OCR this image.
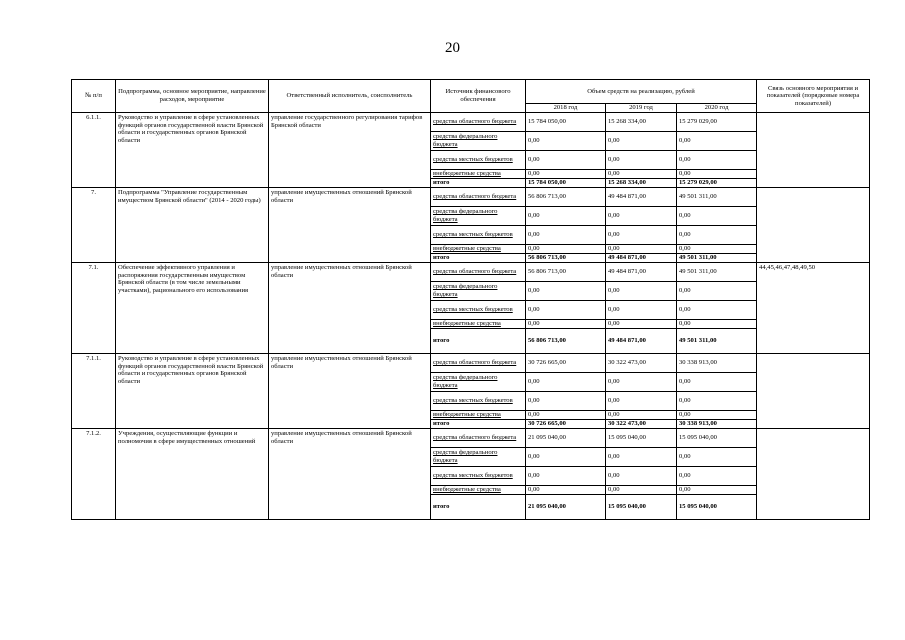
20
№ п/п	Подпрограмма, основное мероприятие, направление расходов, мероприятие	Ответственный исполнитель, соисполнитель	Источник финансового обеспечения	Объем средств на реализацию, рублей			Связь основного мероприятия и показателей (порядковые номера показателей)
				2018 год	2019 год	2020 год	
6.1.1.	Руководство и управление в сфере установленных функций органов государственной власти Брянской области и государственных органов Брянской области	управление государственного регулирования тарифов Брянской области	средства областного бюджета	15 784 050,00	15 268 334,00	15 279 029,00	
			средства федерального бюджета	0,00	0,00	0,00	
			средства местных бюджетов	0,00	0,00	0,00	
			внебюджетные средства	0,00	0,00	0,00	
			итого	15 784 050,00	15 268 334,00	15 279 029,00	
7.	Подпрограмма "Управление государственным имуществом Брянской области" (2014 - 2020 годы)	управление имущественных отношений Брянской области	средства областного бюджета	56 806 713,00	49 484 871,00	49 501 311,00	
			средства федерального бюджета	0,00	0,00	0,00	
			средства местных бюджетов	0,00	0,00	0,00	
			внебюджетные средства	0,00	0,00	0,00	
			итого	56 806 713,00	49 484 871,00	49 501 311,00	
7.1.	Обеспечение эффективного управления и распоряжения государственным имуществом Брянской области (в том числе земельными участками), рационального его использования	управление имущественных отношений Брянской области	средства областного бюджета	56 806 713,00	49 484 871,00	49 501 311,00	44,45,46,47,48,49,50
			средства федерального бюджета	0,00	0,00	0,00	
			средства местных бюджетов	0,00	0,00	0,00	
			внебюджетные средства	0,00	0,00	0,00	
			итого	56 806 713,00	49 484 871,00	49 501 311,00	
7.1.1.	Руководство и управление в сфере установленных функций органов государственной власти Брянской области и государственных органов Брянской области	управление имущественных отношений Брянской области	средства областного бюджета	30 726 665,00	30 322 473,00	30 338 913,00	
			средства федерального бюджета	0,00	0,00	0,00	
			средства местных бюджетов	0,00	0,00	0,00	
			внебюджетные средства	0,00	0,00	0,00	
			итого	30 726 665,00	30 322 473,00	30 338 913,00	
7.1.2.	Учреждения, осуществляющие функции и полномочия в сфере имущественных отношений	управление имущественных отношений Брянской области	средства областного бюджета	21 095 040,00	15 095 040,00	15 095 040,00	
			средства федерального бюджета	0,00	0,00	0,00	
			средства местных бюджетов	0,00	0,00	0,00	
			внебюджетные средства	0,00	0,00	0,00	
			итого	21 095 040,00	15 095 040,00	15 095 040,00	
